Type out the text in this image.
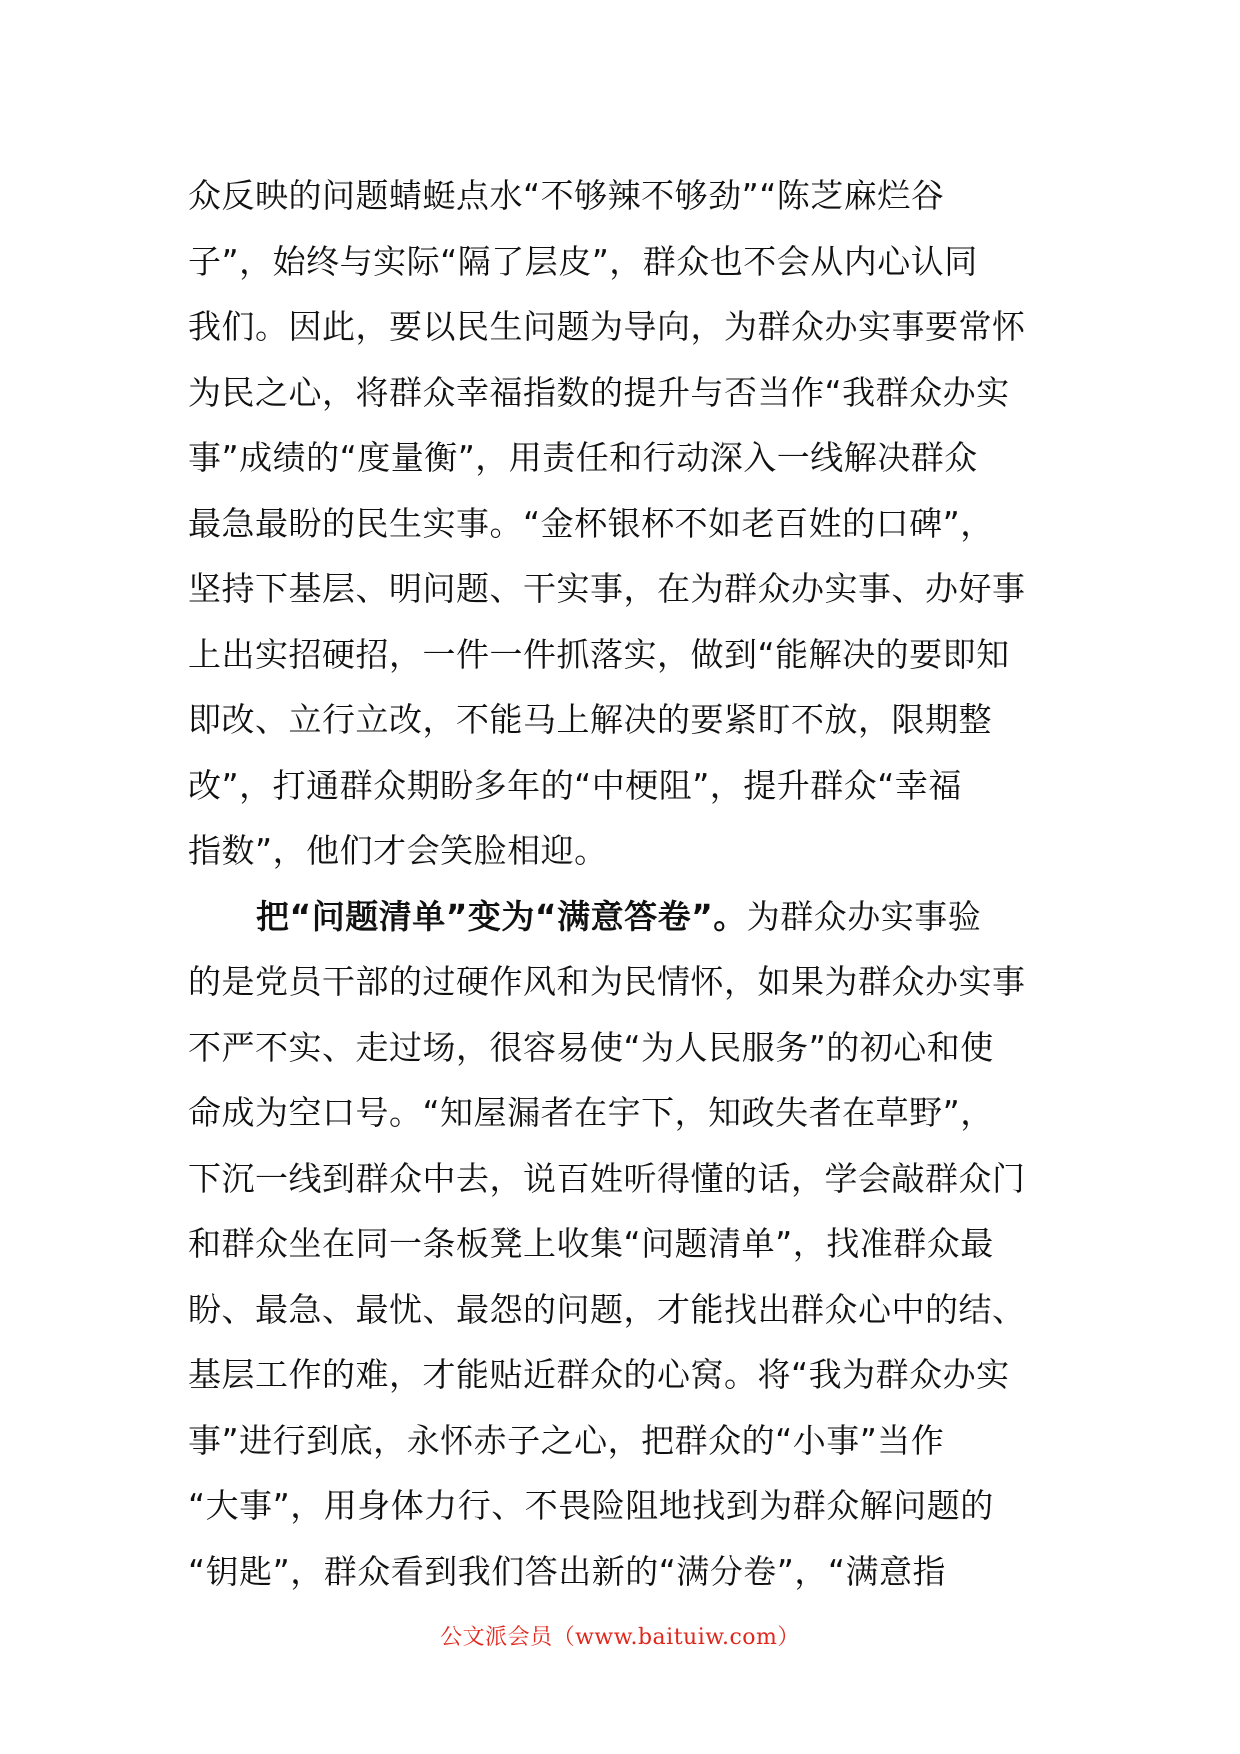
众反映的问题蜻蜓点水“不够辣不够劲”“陈芝麻烂谷
子”，始终与实际“隔了层皮”，群众也不会从内心认同
我们。因此，要以民生问题为导向，为群众办实事要常怀
为民之心，将群众幸福指数的提升与否当作“我群众办实
事”成绩的“度量衡”，用责任和行动深入一线解决群众
最急最盼的民生实事。“金杯银杯不如老百姓的口碑”，
坚持下基层、明问题、干实事，在为群众办实事、办好事
上出实招硬招，一件一件抓落实，做到“能解决的要即知
即改、立行立改，不能马上解决的要紧盯不放，限期整
改”，打通群众期盼多年的“中梗阻”，提升群众“幸福
指数”，他们才会笑脸相迎。
把“问题清单”变为“满意答卷”。为群众办实事验
的是党员干部的过硬作风和为民情怀，如果为群众办实事
不严不实、走过场，很容易使“为人民服务”的初心和使
命成为空口号。“知屋漏者在宇下，知政失者在草野”，
下沉一线到群众中去，说百姓听得懂的话，学会敲群众门
和群众坐在同一条板凳上收集“问题清单”，找准群众最
盼、最急、最忧、最怨的问题，才能找出群众心中的结、
基层工作的难，才能贴近群众的心窝。将“我为群众办实
事”进行到底，永怀赤子之心，把群众的“小事”当作
“大事”，用身体力行、不畏险阻地找到为群众解问题的
“钥匙”，群众看到我们答出新的“满分卷”，“满意指
公文派会员（www.baituiw.com）
